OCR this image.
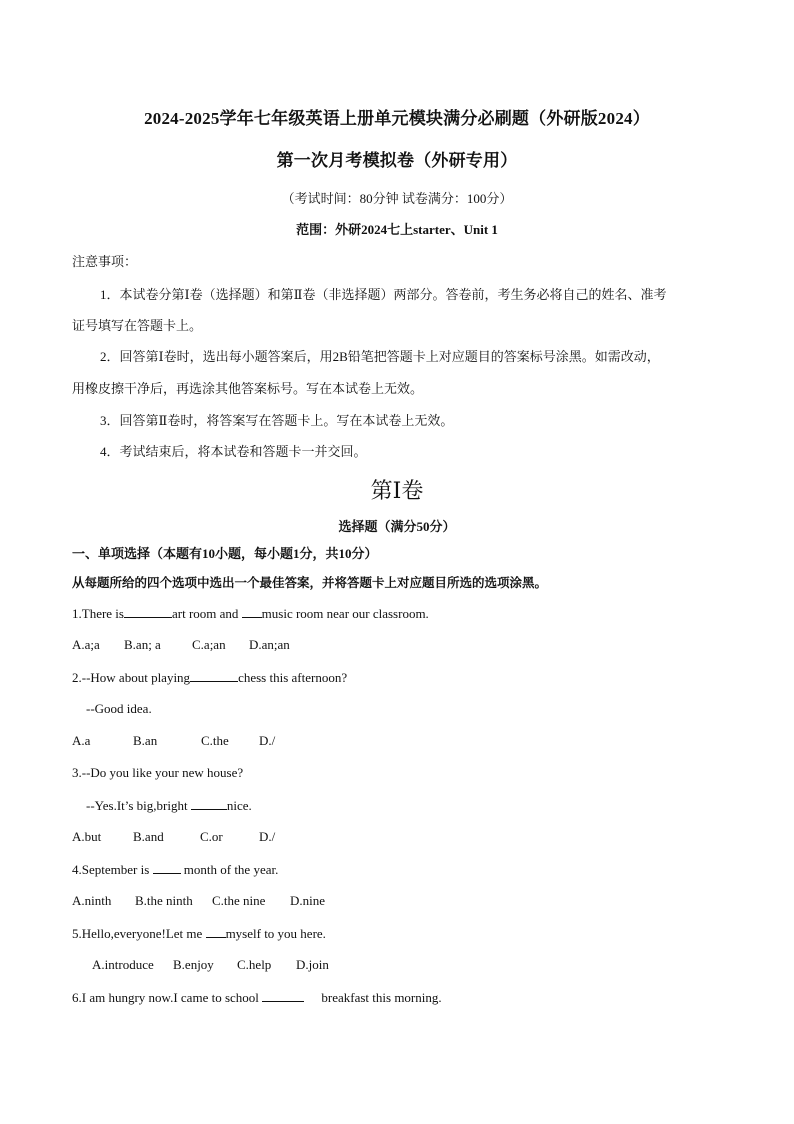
2024-2025学年七年级英语上册单元模块满分必刷题（外研版2024）
第一次月考模拟卷（外研专用）
（考试时间：80分钟 试卷满分：100分）
范围：外研2024七上starter、Unit 1
注意事项：
1．本试卷分第Ⅰ卷（选择题）和第Ⅱ卷（非选择题）两部分。答卷前，考生务必将自己的姓名、准考
证号填写在答题卡上。
2．回答第Ⅰ卷时，选出每小题答案后，用2B铅笔把答题卡上对应题目的答案标号涂黑。如需改动，
用橡皮擦干净后，再选涂其他答案标号。写在本试卷上无效。
3．回答第Ⅱ卷时，将答案写在答题卡上。写在本试卷上无效。
4．考试结束后，将本试卷和答题卡一并交回。
第Ⅰ卷
选择题（满分50分）
一、单项选择（本题有10小题，每小题1分，共10分）
从每题所给的四个选项中选出一个最佳答案，并将答题卡上对应题目所选的选项涂黑。
1.There is	art room and music room near our classroom.
A.a;a B.an; a C.a;an D.an;an
2.--How about playing	chess this afternoon?
--Good idea.
A.a	B.an	C.the D./
3.--Do you like your new house?
--Yes.It’s big,bright	nice.
A.but B.and	C.or	D./
4.September is  month of the year.
A.ninth B.the ninth C.the nine D.nine
5.Hello,everyone!Let me myself to you here.
A.introduce B.enjoy C.help D.join
6.I am hungry now.I came to school	breakfast this morning.
